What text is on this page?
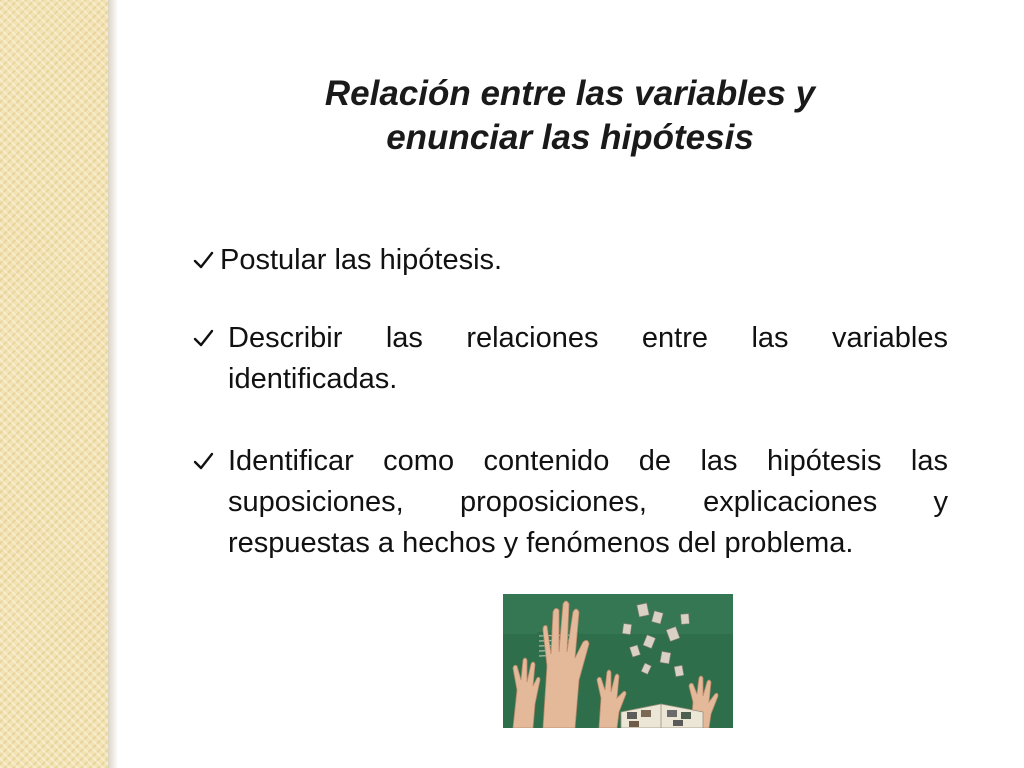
Relación entre las variables y
enunciar las hipótesis
Postular las hipótesis.
Describir las relaciones entre las variables identificadas.
Identificar como contenido de las hipótesis las suposiciones, proposiciones, explicaciones y respuestas a hechos y fenómenos del problema.
